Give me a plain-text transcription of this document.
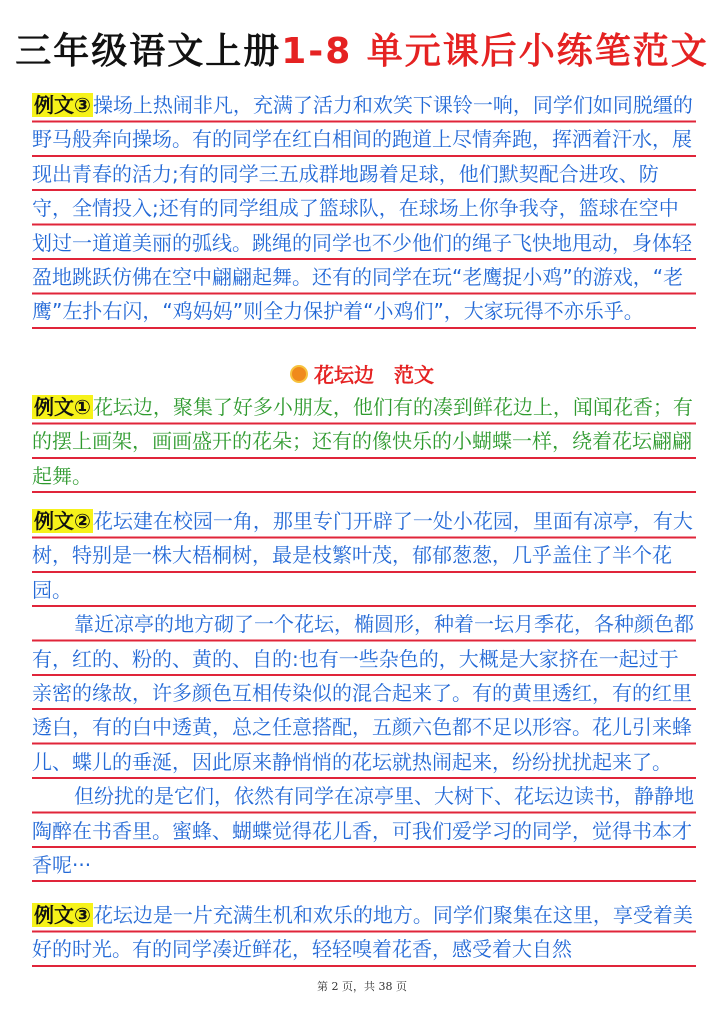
三年级语文上册1-8 单元课后小练笔范文

例文③ 操场上热闹非凡，充满了活力和欢笑下课铃一响，同学们如同脱缰的野马般奔向操场。有的同学在红白相间的跑道上尽情奔跑，挥洒着汗水，展现出青春的活力;有的同学三五成群地踢着足球，他们默契配合进攻、防守，全情投入;还有的同学组成了篮球队，在球场上你争我夺，篮球在空中划过一道道美丽的弧线。跳绳的同学也不少他们的绳子飞快地甩动，身体轻盈地跳跃仿佛在空中翩翩起舞。还有的同学在玩“老鹰捉小鸡”的游戏，“老鹰”左扑右闪，“鸡妈妈”则全力保护着“小鸡们”，大家玩得不亦乐乎。

花坛边　范文

例文① 花坛边，聚集了好多小朋友，他们有的凑到鲜花边上，闻闻花香；有的摆上画架，画画盛开的花朵；还有的像快乐的小蝴蝶一样，绕着花坛翩翩起舞。

例文② 花坛建在校园一角，那里专门开辟了一处小花园，里面有凉亭，有大树，特别是一株大梧桐树，最是枝繁叶茂，郁郁葱葱，几乎盖住了半个花园。

靠近凉亭的地方砌了一个花坛，椭圆形，种着一坛月季花，各种颜色都有，红的、粉的、黄的、自的:也有一些杂色的，大概是大家挤在一起过于亲密的缘故，许多颜色互相传染似的混合起来了。有的黄里透红，有的红里透白，有的白中透黄，总之任意搭配，五颜六色都不足以形容。花儿引来蜂儿、蝶儿的垂涎，因此原来静悄悄的花坛就热闹起来，纷纷扰扰起来了。

但纷扰的是它们，依然有同学在凉亭里、大树下、花坛边读书，静静地陶醉在书香里。蜜蜂、蝴蝶觉得花儿香，可我们爱学习的同学，觉得书本才香呢···

例文③ 花坛边是一片充满生机和欢乐的地方。同学们聚集在这里，享受着美好的时光。有的同学凑近鲜花，轻轻嗅着花香，感受着大自然

第 2 页，共 38 页
